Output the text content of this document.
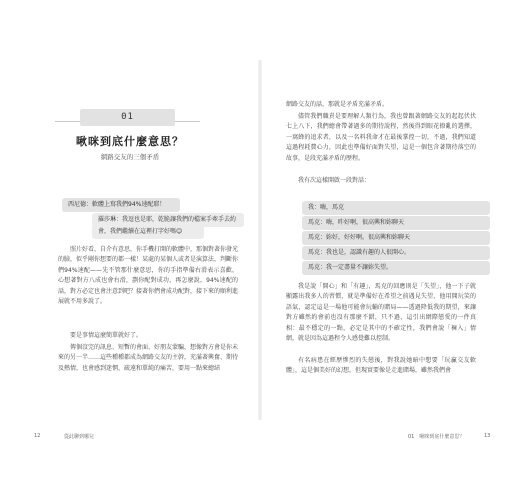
01
啾咪到底什麼意思？
網路交友的三個矛盾
西尼德：軟體上寫我們94%速配耶！
羅莎琳：我逗也是耶，乾脆讓我們的檔案手牽手去約
會，我們繼續在這裡打字好嗎😊

照片好看，自介有意思，你手機打開的軟體中，那個對著你發光的臉，似乎剛你想要的都一樣！某處的某個人或者是演算法，判斷你們94%速配——先不管那什麼意思，你的手指準備右滑表示喜歡，心想著對方八成也會右滑，劃你配對成功，再怎麼說，94%速配的話，對方必定也會注意到吧？接著你們會成功配對，接下來的順利進展就不用多說了。

要是事情這麼簡單就好了。

傳個沒完的訊息、短暫的會面、好朋友蒙騙，想像對方會是你未來的另一半……這些種種都成為網路交友的主幹，充滿著興奮、期待及熱情，也會感到迷惘、疏遠和單純的痛苦，要用一點來總結

12	從此聊到哪兒

網路交友的話，那就是矛盾充滿矛盾。

儘管我們職責是要理解人類行為，我也曾跟著網路交友的起起伏伏七上八下，我們總會帶著過多的期待說程，然後得到眼花撩亂的選擇，一窩蜂的追求者，以及一名料我命才在最後掌控一切，不過，我們知道這過程耗費心力，因此也準備好面對失望，這是一個包含著期待落空的故事，是段充滿矛盾的歷程。

我有次這樣開啟一段對話：

我：嗨，馬克
馬克：嗨，昨好啊，很高興和妳聊天
馬克：妳好，好好啊。很高興和妳聊天
馬克：我也是，認識有趣的人很開心。
馬克：我一定盡量不讓妳失望。

我是說「開心」和「有趣」，馬克的回應則是「失望」，他一下子就顯露出我多人的習慣，就是準備好在希望之前遇見失望，他用開玩笑的語氣，認定這是一場他可能會玩輸的賭局——透過降低我的期望，來讓對方雖然約會前也沒有那麼不錯，只不過，這引出網際戀愛的一件真相：最不穩定的一點，必定是其中的不確定性，我們會說「褲入」情網，就是因為這過程令人感覺難以控制。

有名病患在經歷慘烈的失戀後，對我說她暗中想要「玩贏交友軟體」，這是個美好的幻想，但現實要像是走進賭場，雖然我們會

01　啾咪到底什麼意思？	13
